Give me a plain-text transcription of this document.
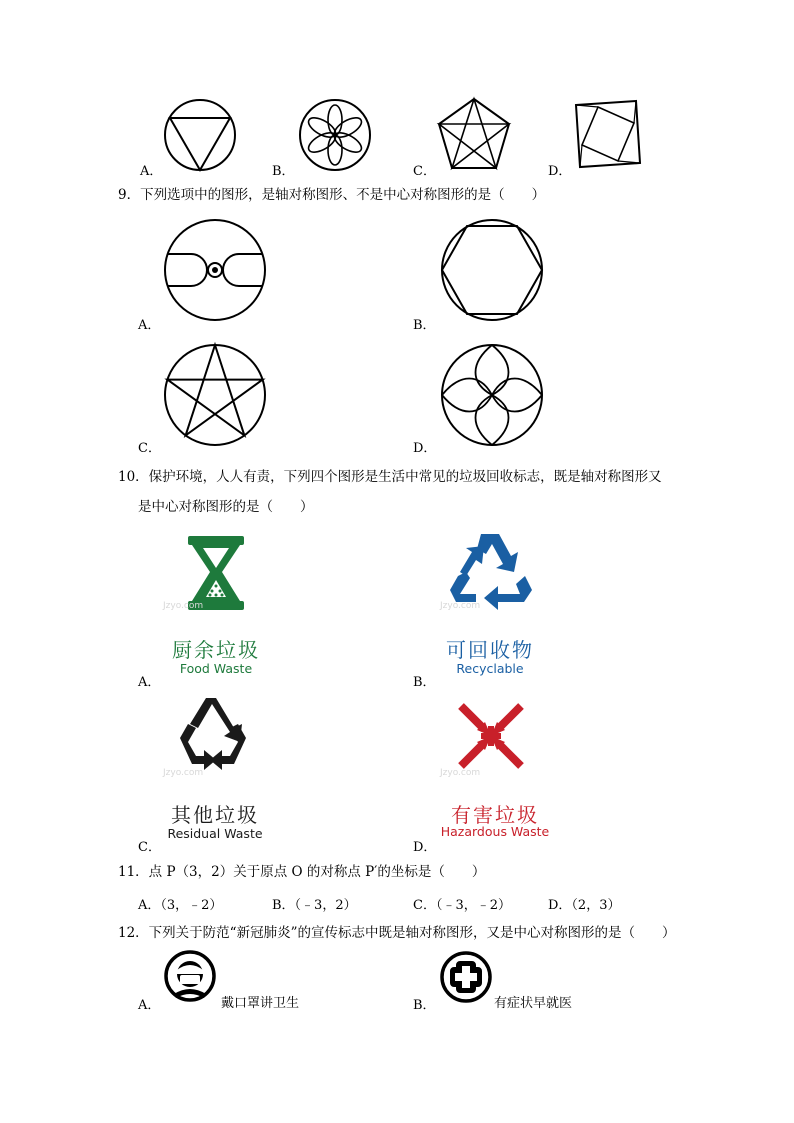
A．	B．	C．	D．
9．下列选项中的图形，是轴对称图形、不是中心对称图形的是（　　）
A．	B．
C．	D．
10．保护环境，人人有责，下列四个图形是生活中常见的垃圾回收标志，既是轴对称图形又
是中心对称图形的是（　　）
Jzyo.com
厨余垃圾
Food Waste
A．
Jzyo.com
可回收物
Recyclable
B．
Jzyo.com
其他垃圾
Residual Waste
C．
Jzyo.com
有害垃圾
Hazardous Waste
D．
11．点 P（3，2）关于原点 O 的对称点 P′的坐标是（　　）
A．（3，﹣2）	B．（﹣3，2）	C．（﹣3，﹣2）	D．（2，3）
12．下列关于防范“新冠肺炎”的宣传标志中既是轴对称图形，又是中心对称图形的是（　　）
戴口罩讲卫生
A．	有症状早就医
B．
